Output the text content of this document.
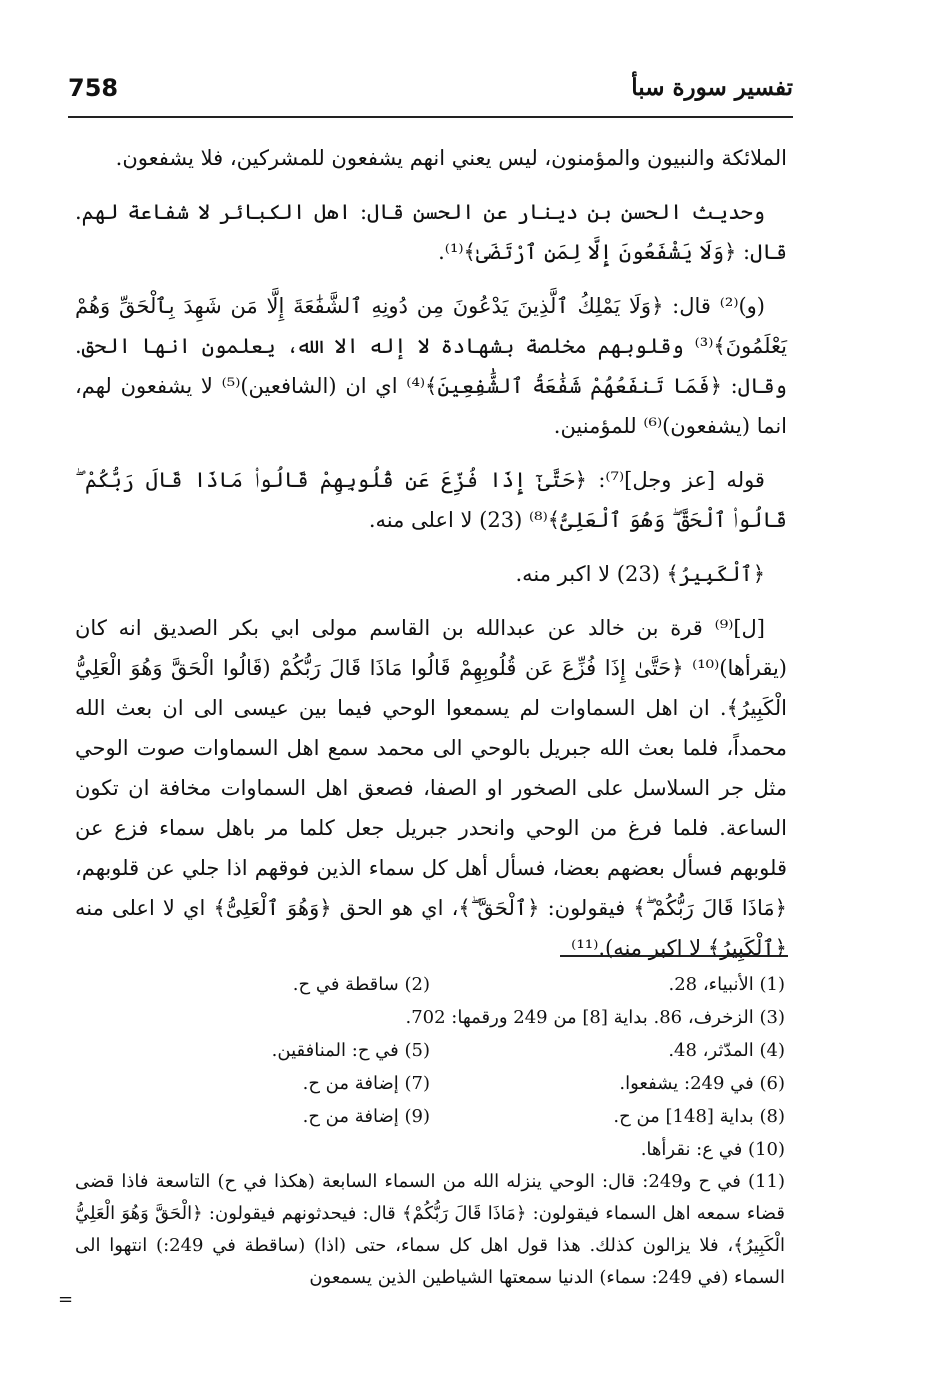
758	تفسير سورة سبأ

الملائكة والنبيون والمؤمنون، ليس يعني انهم يشفعون للمشركين، فلا يشفعون.

وحديث الحسن بن دينار عن الحسن قال: اهل الكبائر لا شفاعة لهم. قال: ﴿وَلَا يَشْفَعُونَ إِلَّا لِمَنِ ٱرْتَضَىٰ﴾⁽¹⁾.

(و)⁽²⁾ قال: ﴿وَلَا يَمْلِكُ ٱلَّذِينَ يَدْعُونَ مِن دُونِهِ ٱلشَّفَٰعَةَ إِلَّا مَن شَهِدَ بِٱلْحَقِّ وَهُمْ يَعْلَمُونَ﴾⁽³⁾ وقلوبهم مخلصة بشهادة لا إله الا الله، يعلمون انها الحق. وقال: ﴿فَمَا تَنفَعُهُمْ شَفَٰعَةُ ٱلشَّٰفِعِينَ﴾⁽⁴⁾ اي ان (الشافعين)⁽⁵⁾ لا يشفعون لهم، انما (يشفعون)⁽⁶⁾ للمؤمنين.

قوله [عز وجل]⁽⁷⁾: ﴿حَتَّىٰٓ إِذَا فُزِّعَ عَن قُلُوبِهِمْ قَالُوا۟ مَاذَا قَالَ رَبُّكُمْ ۖ قَالُوا۟ ٱلْحَقَّ ۖ وَهُوَ ٱلْعَلِىُّ﴾⁽⁸⁾ (23) لا اعلى منه.

﴿ٱلْكَبِيرُ﴾ (23) لا اكبر منه.

[ل]⁽⁹⁾ قرة بن خالد عن عبدالله بن القاسم مولى ابي بكر الصديق انه كان (يقرأها)⁽¹⁰⁾ ﴿حَتَّىٰ إِذَا فُزِّعَ عَن قُلُوبِهِمْ قَالُوا مَاذَا قَالَ رَبُّكُمْ (قَالُوا الْحَقَّ وَهُوَ الْعَلِيُّ الْكَبِيرُ﴾. ان اهل السماوات لم يسمعوا الوحي فيما بين عيسى الى ان بعث الله محمداً، فلما بعث الله جبريل بالوحي الى محمد سمع اهل السماوات صوت الوحي مثل جر السلاسل على الصخور او الصفا، فصعق اهل السماوات مخافة ان تكون الساعة. فلما فرغ من الوحي وانحدر جبريل جعل كلما مر باهل سماء فزع عن قلوبهم فسأل بعضهم بعضا، فسأل أهل كل سماء الذين فوقهم اذا جلي عن قلوبهم، ﴿مَاذَا قَالَ رَبُّكُمْ ۖ﴾ فيقولون: ﴿ٱلْحَقَّ ۖ﴾، اي هو الحق ﴿وَهُوَ ٱلْعَلِىُّ﴾ اي لا اعلى منه ﴿ٱلْكَبِيرُ﴾ لا اكبر منه).⁽¹¹⁾

(1) الأنبياء، 28.
(2) ساقطة في ح.
(3) الزخرف، 86. بداية [8] من 249 ورقمها: 702.
(4) المدّثر، 48.
(5) في ح: المنافقين.
(6) في 249: يشفعوا.
(7) إضافة من ح.
(8) بداية [148] من ح.
(9) إضافة من ح.
(10) في ع: نقرأها.
(11) في ح و249: قال: الوحي ينزله الله من السماء السابعة (هكذا في ح) التاسعة فاذا قضى قضاء سمعه اهل السماء فيقولون: ﴿مَاذَا قَالَ رَبُّكُمْ﴾ قال: فيحدثونهم فيقولون: ﴿الْحَقَّ وَهُوَ الْعَلِيُّ الْكَبِيرُ﴾، فلا يزالون كذلك. هذا قول اهل كل سماء، حتى (اذا) (ساقطة في 249:) انتهوا الى السماء (في 249: سماء) الدنيا سمعتها الشياطين الذين يسمعون
=
